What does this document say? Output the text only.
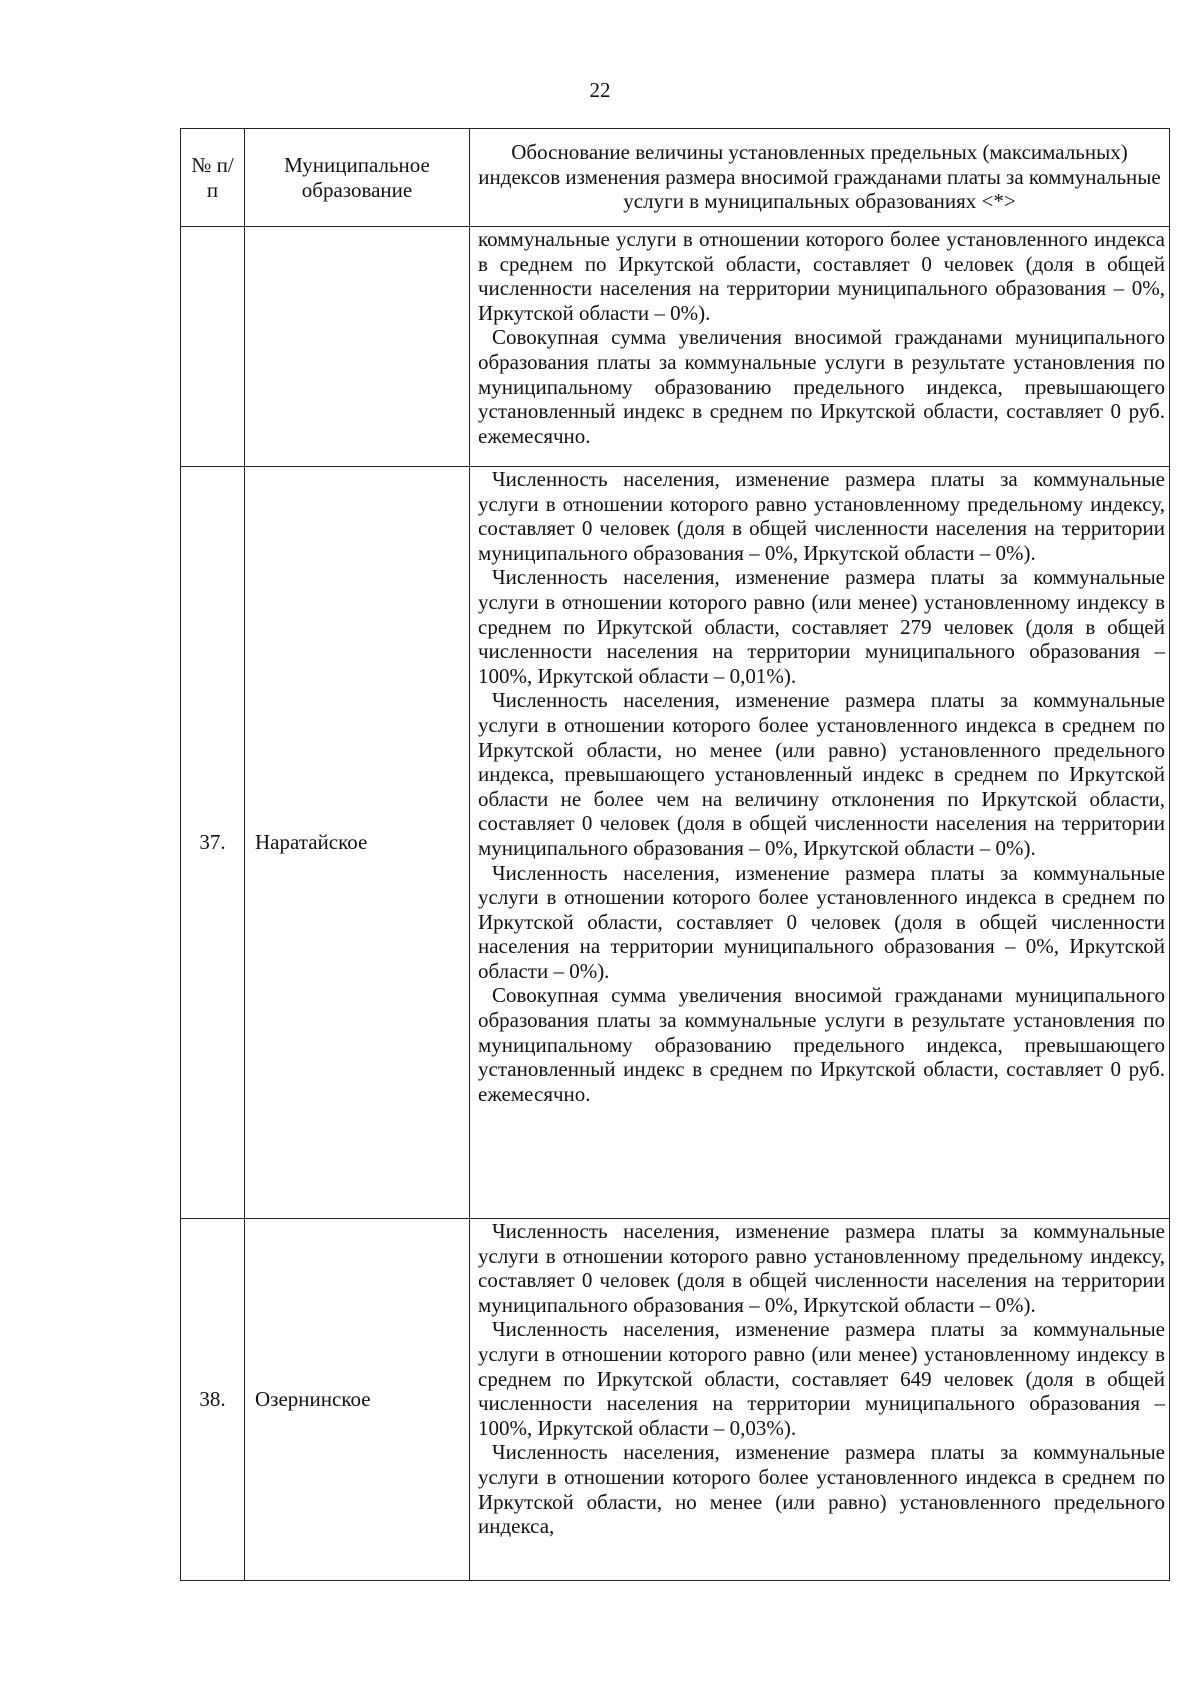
22
№ п/п	Муниципальное образование	Обоснование величины установленных предельных (максимальных) индексов изменения размера вносимой гражданами платы за коммунальные услуги в муниципальных образованиях <*>

		коммунальные услуги в отношении которого более установленного индекса в среднем по Иркутской области, составляет 0 человек (доля в общей численности населения на территории муниципального образования – 0%, Иркутской области – 0%).

Совокупная сумма увеличения вносимой гражданами муниципального образования платы за коммунальные услуги в результате установления по муниципальному образованию предельного индекса, превышающего установленный индекс в среднем по Иркутской области, составляет 0 руб. ежемесячно.

37.	Наратайское	Численность населения, изменение размера платы за коммунальные услуги в отношении которого равно установленному предельному индексу, составляет 0 человек (доля в общей численности населения на территории муниципального образования – 0%, Иркутской области – 0%).

Численность населения, изменение размера платы за коммунальные услуги в отношении которого равно (или менее) установленному индексу в среднем по Иркутской области, составляет 279 человек (доля в общей численности населения на территории муниципального образования – 100%, Иркутской области – 0,01%).

Численность населения, изменение размера платы за коммунальные услуги в отношении которого более установленного индекса в среднем по Иркутской области, но менее (или равно) установленного предельного индекса, превышающего установленный индекс в среднем по Иркутской области не более чем на величину отклонения по Иркутской области, составляет 0 человек (доля в общей численности населения на территории муниципального образования – 0%, Иркутской области – 0%).

Численность населения, изменение размера платы за коммунальные услуги в отношении которого более установленного индекса в среднем по Иркутской области, составляет 0 человек (доля в общей численности населения на территории муниципального образования – 0%, Иркутской области – 0%).

Совокупная сумма увеличения вносимой гражданами муниципального образования платы за коммунальные услуги в результате установления по муниципальному образованию предельного индекса, превышающего установленный индекс в среднем по Иркутской области, составляет 0 руб. ежемесячно.

38.	Озернинское	Численность населения, изменение размера платы за коммунальные услуги в отношении которого равно установленному предельному индексу, составляет 0 человек (доля в общей численности населения на территории муниципального образования – 0%, Иркутской области – 0%).

Численность населения, изменение размера платы за коммунальные услуги в отношении которого равно (или менее) установленному индексу в среднем по Иркутской области, составляет 649 человек (доля в общей численности населения на территории муниципального образования – 100%, Иркутской области – 0,03%).

Численность населения, изменение размера платы за коммунальные услуги в отношении которого более установленного индекса в среднем по Иркутской области, но менее (или равно) установленного предельного индекса,
